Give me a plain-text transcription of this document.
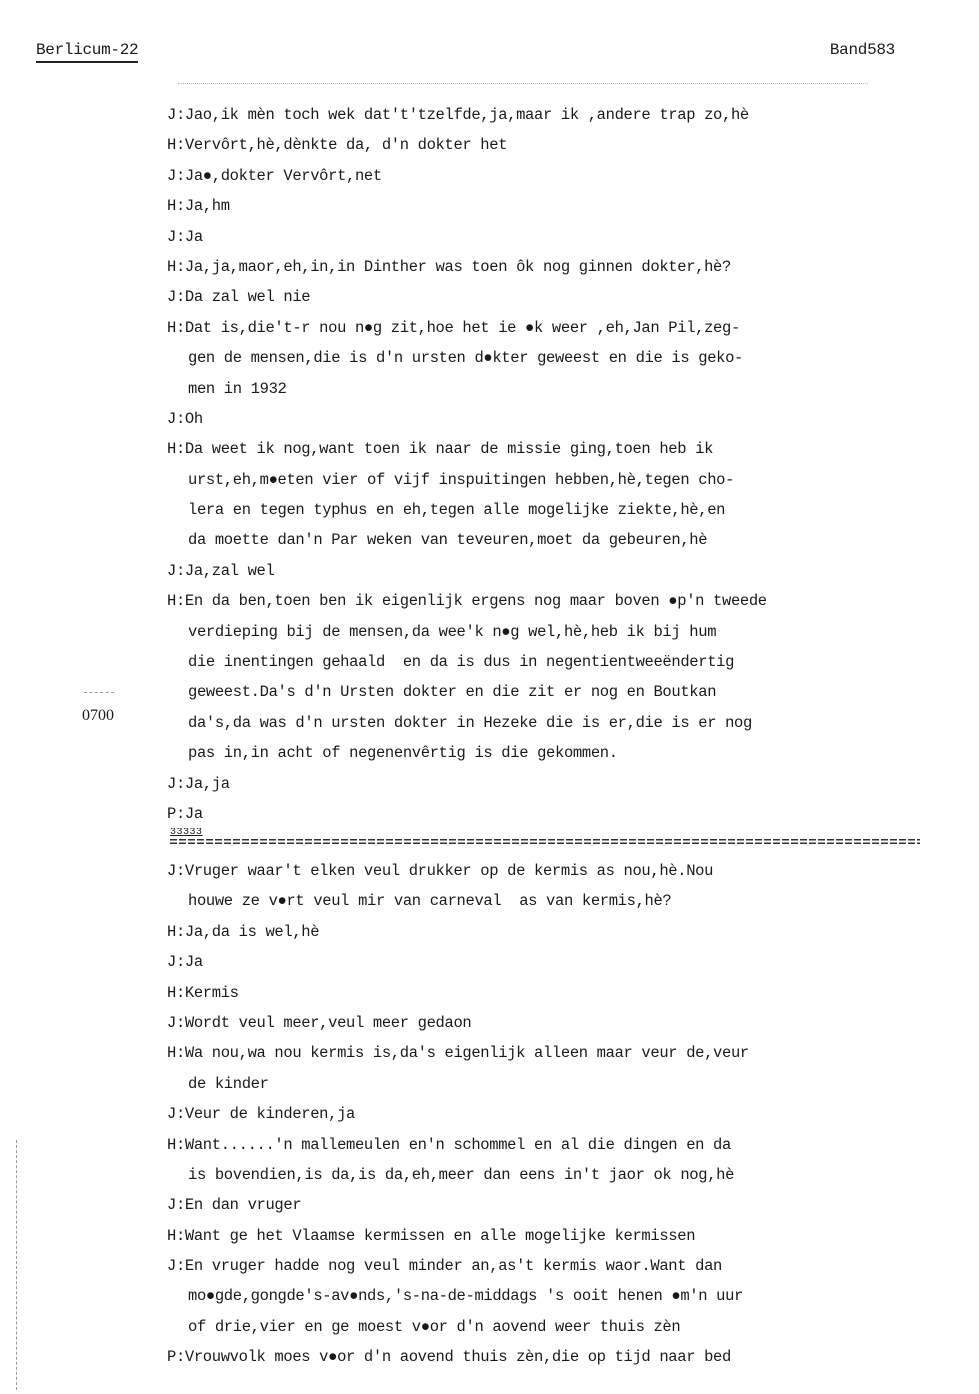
Berlicum-22	Band583
0700
J:Jao,ik mèn toch wek dat't'tzelfde,ja,maar ik ,andere trap zo,hè
H:Vervôrt,hè,dènkte da, d'n dokter het
J:Ja●,dokter Vervôrt,net
H:Ja,hm
J:Ja
H:Ja,ja,maor,eh,in,in Dinther was toen ôk nog ginnen dokter,hè?
J:Da zal wel nie
H:Dat is,die't-r nou n●g zit,hoe het ie ●k weer ,eh,Jan Pil,zeg-
gen de mensen,die is d'n ursten d●kter geweest en die is geko-
men in 1932
J:Oh
H:Da weet ik nog,want toen ik naar de missie ging,toen heb ik
urst,eh,m●eten vier of vijf inspuitingen hebben,hè,tegen cho-
lera en tegen typhus en eh,tegen alle mogelijke ziekte,hè,en
da moette dan'n Par weken van teveuren,moet da gebeuren,hè
J:Ja,zal wel
H:En da ben,toen ben ik eigenlijk ergens nog maar boven ●p'n tweede
verdieping bij de mensen,da wee'k n●g wel,hè,heb ik bij hum
die inentingen gehaald  en da is dus in negentientweeëndertig
geweest.Da's d'n Ursten dokter en die zit er nog en Boutkan
da's,da was d'n ursten dokter in Hezeke die is er,die is er nog
pas in,in acht of negenenvêrtig is die gekommen.
J:Ja,ja
P:Ja
33333
J:Vruger waar't elken veul drukker op de kermis as nou,hè.Nou
houwe ze v●rt veul mir van carneval  as van kermis,hè?
H:Ja,da is wel,hè
J:Ja
H:Kermis
J:Wordt veul meer,veul meer gedaon
H:Wa nou,wa nou kermis is,da's eigenlijk alleen maar veur de,veur
de kinder
J:Veur de kinderen,ja
H:Want......'n mallemeulen en'n schommel en al die dingen en da
is bovendien,is da,is da,eh,meer dan eens in't jaor ok nog,hè
J:En dan vruger
H:Want ge het Vlaamse kermissen en alle mogelijke kermissen
J:En vruger hadde nog veul minder an,as't kermis waor.Want dan
mo●gde,gongde's-av●nds,'s-na-de-middags 's ooit henen ●m'n uur
of drie,vier en ge moest v●or d'n aovend weer thuis zèn
P:Vrouwvolk moes v●or d'n aovend thuis zèn,die op tijd naar bed
